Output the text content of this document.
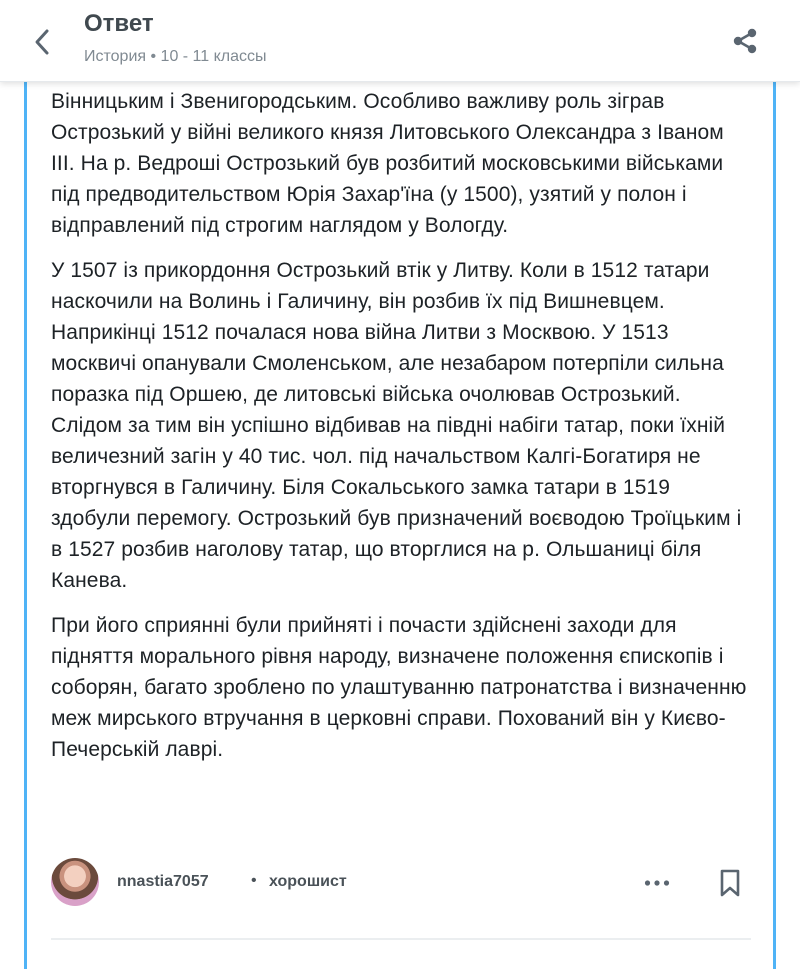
Ответ
История • 10 - 11 классы

Вінницьким і Звенигородським. Особливо важливу роль зіграв Острозький у війні великого князя Литовського Олександра з Іваном III. На р. Ведроші Острозький був розбитий московськими військами під предводительством Юрія Захар'їна (у 1500), узятий у полон і відправлений під строгим наглядом у Вологду.

У 1507 із прикордоння Острозький втік у Литву. Коли в 1512 татари наскочили на Волинь і Галичину, він розбив їх під Вишневцем. Наприкінці 1512 почалася нова війна Литви з Москвою. У 1513 москвичі опанували Смоленськом, але незабаром потерпіли сильна поразка під Оршею, де литовські війська очолював Острозький. Слідом за тим він успішно відбивав на півдні набіги татар, поки їхній величезний загін у 40 тис. чол. під начальством Калгі-Богатиря не вторгнувся в Галичину. Біля Сокальського замка татари в 1519 здобули перемогу. Острозький був призначений воєводою Троїцьким і в 1527 розбив наголову татар, що вторглися на р. Ольшаниці біля Канева.

При його сприянні були прийняті і почасти здійснені заходи для підняття морального рівня народу, визначене положення єпископів і соборян, багато зроблено по улаштуванню патронатства і визначенню меж мирського втручання в церковні справи. Похований він у Києво-Печерській лаврі.

nnastia7057	• хорошист
